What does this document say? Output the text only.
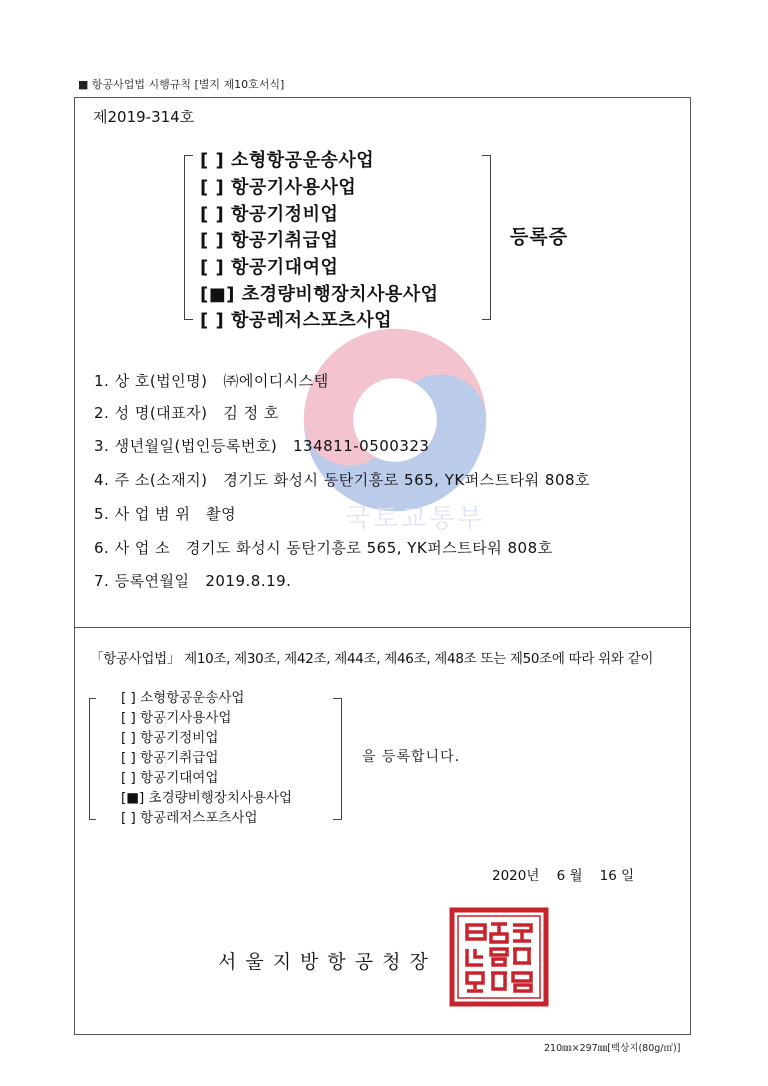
■ 항공사업법 시행규칙 [별지 제10호서식]
제2019-314호
국토교통부
[ ] 소형항공운송사업
[ ] 항공기사용사업
[ ] 항공기정비업
[ ] 항공기취급업
[ ] 항공기대여업
[■] 초경량비행장치사용사업
[ ] 항공레저스포츠사업
등록증
1. 상 호(법인명) ㈜에이디시스템
2. 성 명(대표자) 김 정 호
3. 생년월일(법인등록번호) 134811-0500323
4. 주 소(소재지) 경기도 화성시 동탄기흥로 565, YK퍼스트타워 808호
5. 사 업 범 위 촬영
6. 사 업 소 경기도 화성시 동탄기흥로 565, YK퍼스트타워 808호
7. 등록연월일 2019.8.19.
「항공사업법」 제10조, 제30조, 제42조, 제44조, 제46조, 제48조 또는 제50조에 따라 위와 같이
[ ] 소형항공운송사업
[ ] 항공기사용사업
[ ] 항공기정비업
[ ] 항공기취급업
[ ] 항공기대여업
[■] 초경량비행장치사용사업
[ ] 항공레저스포츠사업
을 등록합니다.
2020년 6 월 16 일
서울지방항공청장
210㎜×297㎜[백상지(80g/㎡)]
